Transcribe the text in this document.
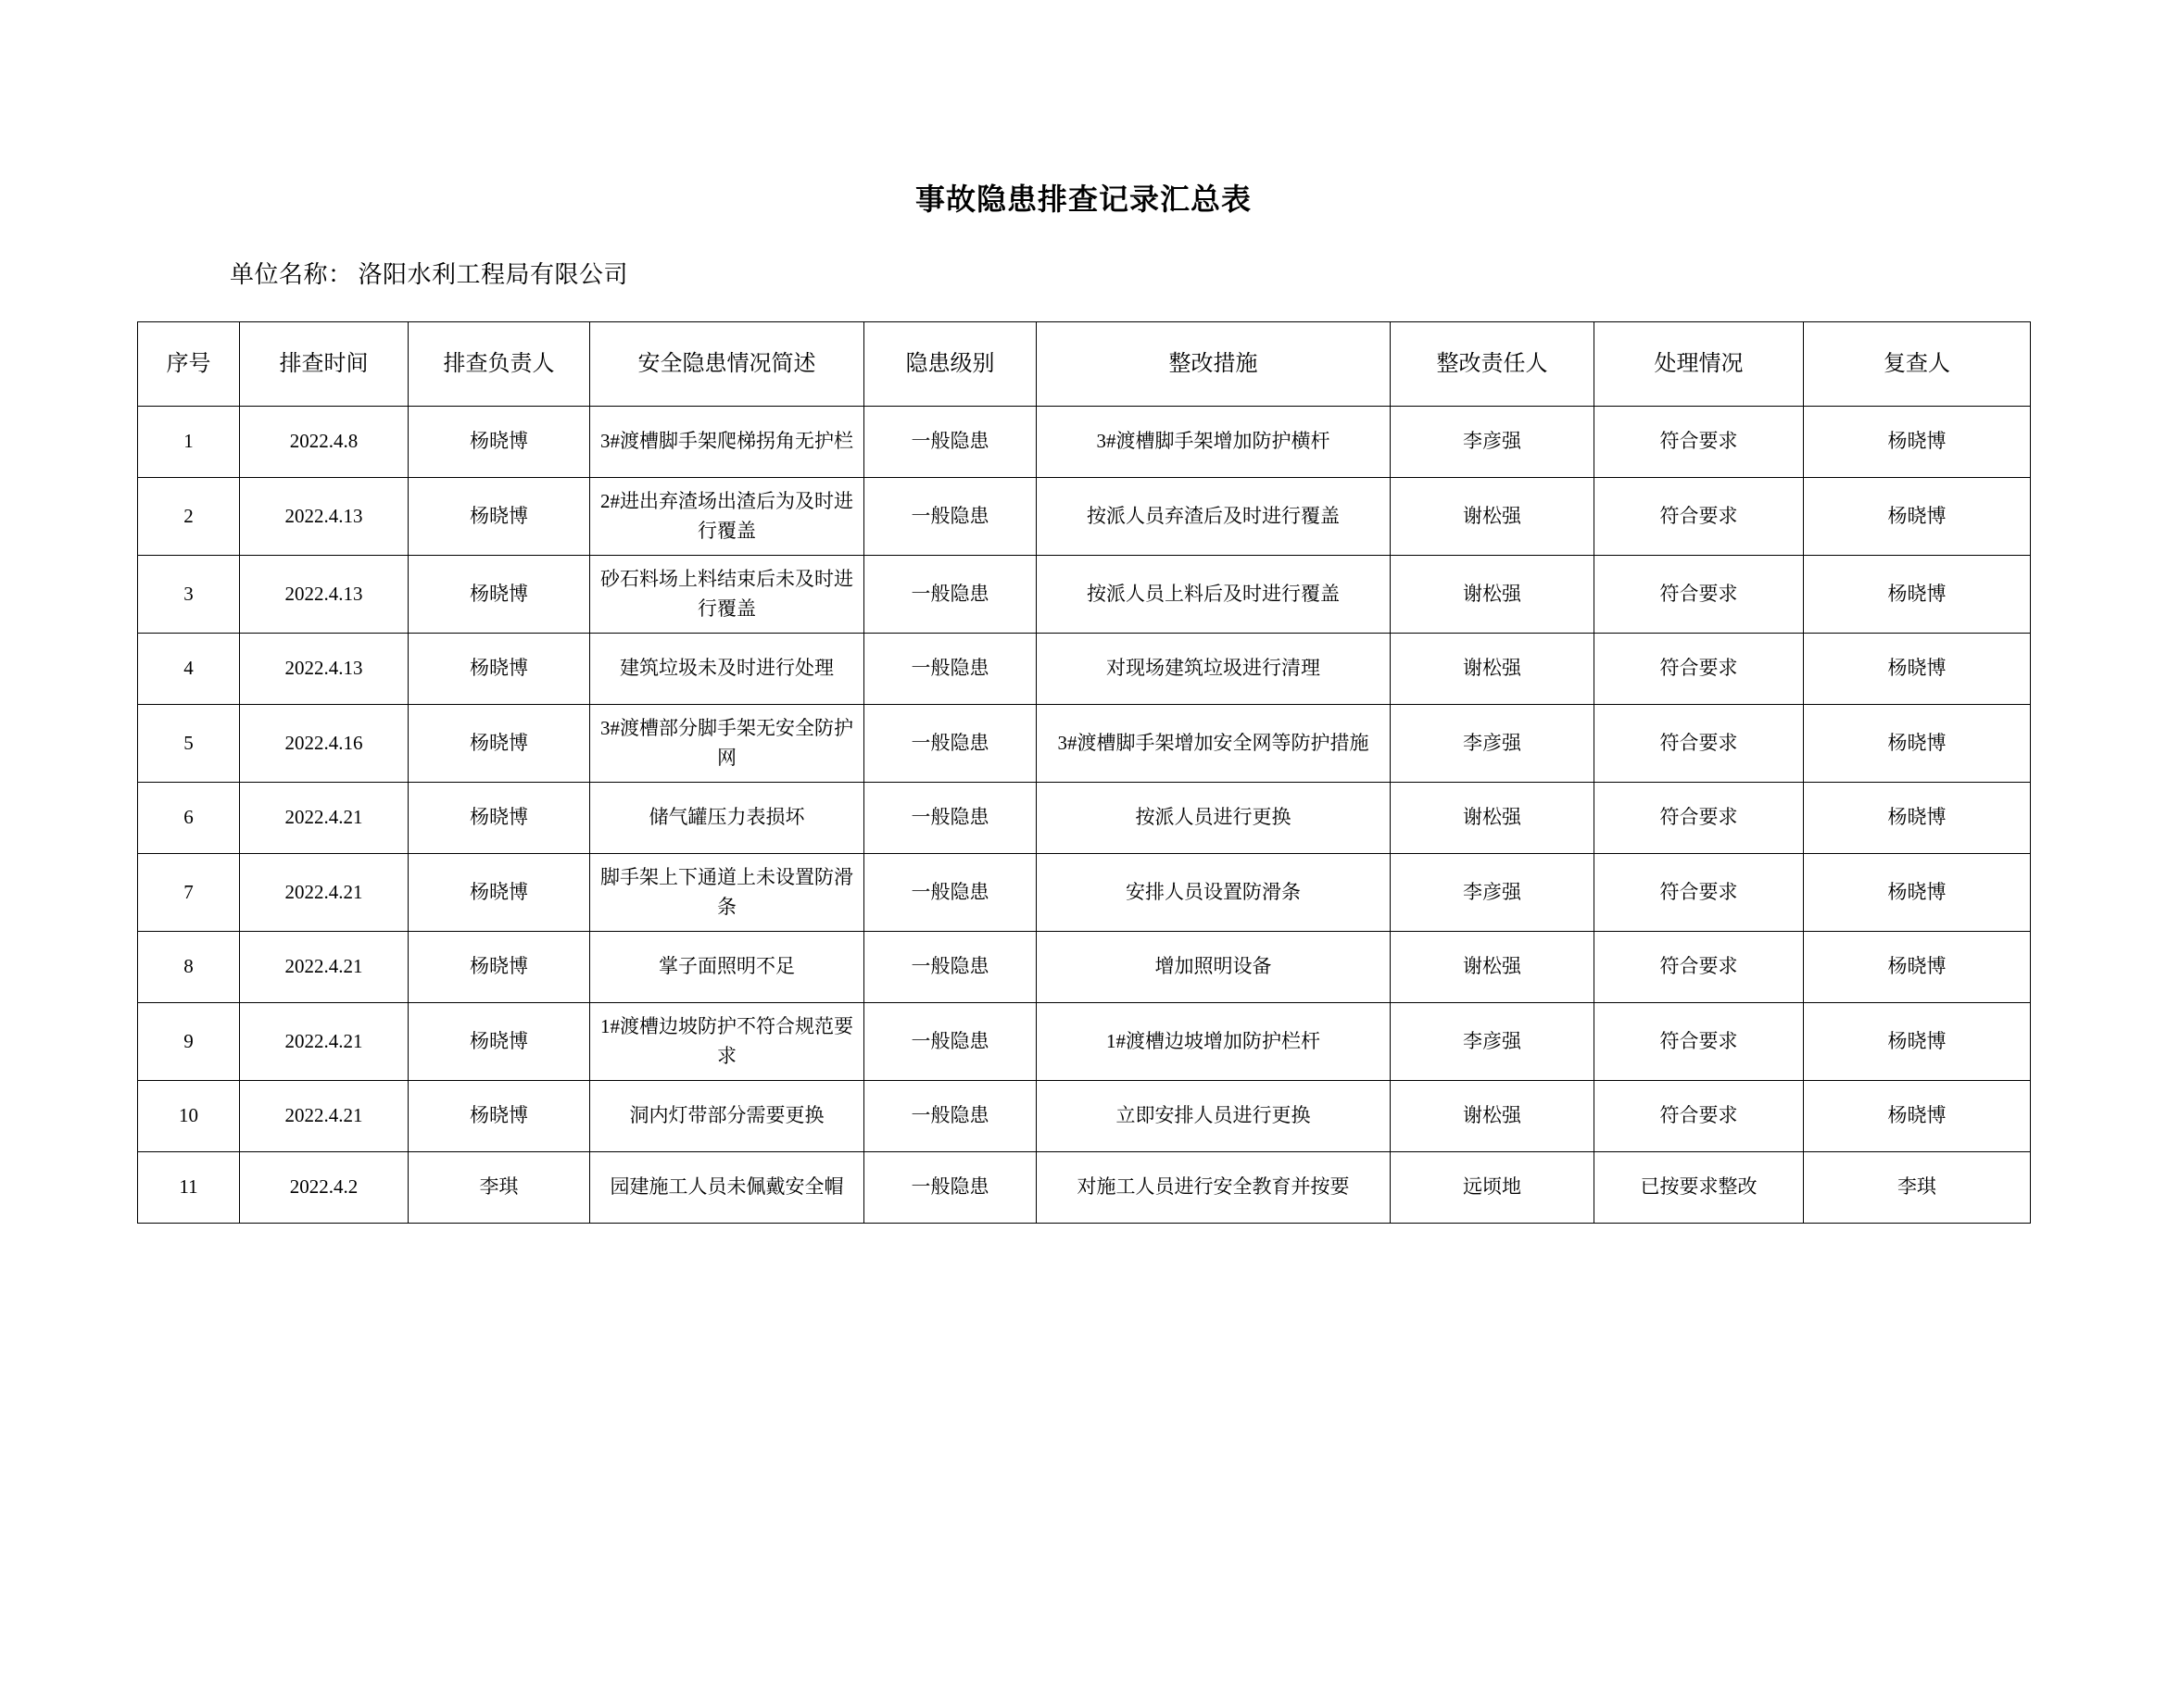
事故隐患排查记录汇总表
单位名称： 洛阳水利工程局有限公司
序号	排查时间	排查负责人	安全隐患情况简述	隐患级别	整改措施	整改责任人	处理情况	复查人
1	2022.4.8	杨晓博	3#渡槽脚手架爬梯拐角无护栏	一般隐患	3#渡槽脚手架增加防护横杆	李彦强	符合要求	杨晓博
2	2022.4.13	杨晓博	2#进出弃渣场出渣后为及时进行覆盖	一般隐患	按派人员弃渣后及时进行覆盖	谢松强	符合要求	杨晓博
3	2022.4.13	杨晓博	砂石料场上料结束后未及时进行覆盖	一般隐患	按派人员上料后及时进行覆盖	谢松强	符合要求	杨晓博
4	2022.4.13	杨晓博	建筑垃圾未及时进行处理	一般隐患	对现场建筑垃圾进行清理	谢松强	符合要求	杨晓博
5	2022.4.16	杨晓博	3#渡槽部分脚手架无安全防护网	一般隐患	3#渡槽脚手架增加安全网等防护措施	李彦强	符合要求	杨晓博
6	2022.4.21	杨晓博	储气罐压力表损坏	一般隐患	按派人员进行更换	谢松强	符合要求	杨晓博
7	2022.4.21	杨晓博	脚手架上下通道上未设置防滑条	一般隐患	安排人员设置防滑条	李彦强	符合要求	杨晓博
8	2022.4.21	杨晓博	掌子面照明不足	一般隐患	增加照明设备	谢松强	符合要求	杨晓博
9	2022.4.21	杨晓博	1#渡槽边坡防护不符合规范要求	一般隐患	1#渡槽边坡增加防护栏杆	李彦强	符合要求	杨晓博
10	2022.4.21	杨晓博	洞内灯带部分需要更换	一般隐患	立即安排人员进行更换	谢松强	符合要求	杨晓博
11	2022.4.2	李琪	园建施工人员未佩戴安全帽	一般隐患	对施工人员进行安全教育并按要	远顷地	已按要求整改	李琪
